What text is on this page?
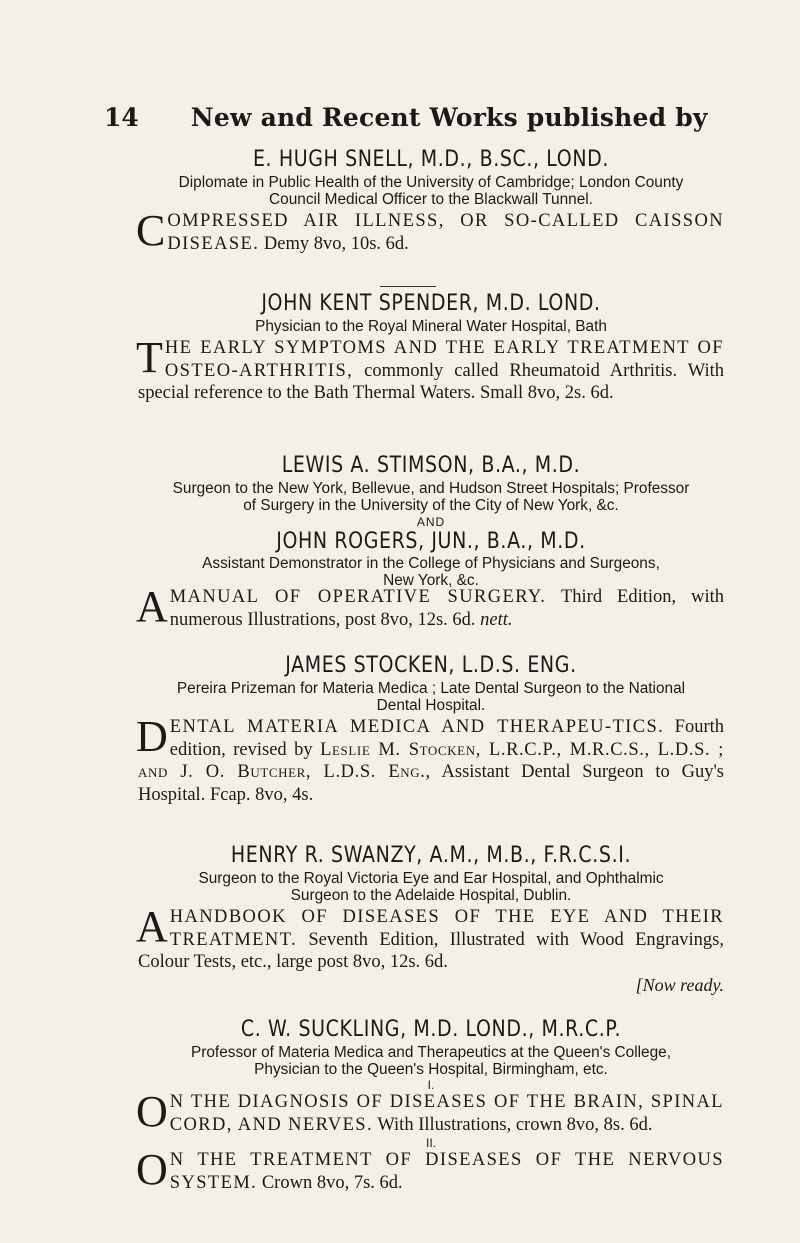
14 New and Recent Works published by

E. HUGH SNELL, M.D., B.SC., LOND.

Diplomate in Public Health of the University of Cambridge; London County
Council Medical Officer to the Blackwall Tunnel.

C OMPRESSED AIR ILLNESS, OR SO-CALLED CAISSON DISEASE. Demy 8vo, 10s. 6d.

JOHN KENT SPENDER, M.D. LOND.

Physician to the Royal Mineral Water Hospital, Bath

T HE EARLY SYMPTOMS AND THE EARLY TREATMENT OF OSTEO-ARTHRITIS, commonly called Rheumatoid Arthritis. With special reference to the Bath Thermal Waters. Small 8vo, 2s. 6d.

LEWIS A. STIMSON, B.A., M.D.

Surgeon to the New York, Bellevue, and Hudson Street Hospitals; Professor
of Surgery in the University of the City of New York, &c.

AND

JOHN ROGERS, JUN., B.A., M.D.

Assistant Demonstrator in the College of Physicians and Surgeons,
New York, &c.

A MANUAL OF OPERATIVE SURGERY. Third Edition, with numerous Illustrations, post 8vo, 12s. 6d. nett.

JAMES STOCKEN, L.D.S. ENG.

Pereira Prizeman for Materia Medica ; Late Dental Surgeon to the National
Dental Hospital.

D ENTAL MATERIA MEDICA AND THERAPEU-TICS. Fourth edition, revised by Leslie M. Stocken, L.R.C.P., M.R.C.S., L.D.S. ; and J. O. Butcher, L.D.S. Eng., Assistant Dental Surgeon to Guy's Hospital. Fcap. 8vo, 4s.

HENRY R. SWANZY, A.M., M.B., F.R.C.S.I.

Surgeon to the Royal Victoria Eye and Ear Hospital, and Ophthalmic
Surgeon to the Adelaide Hospital, Dublin.

A HANDBOOK OF DISEASES OF THE EYE AND THEIR TREATMENT. Seventh Edition, Illustrated with Wood Engravings, Colour Tests, etc., large post 8vo, 12s. 6d.

[Now ready.

C. W. SUCKLING, M.D. LOND., M.R.C.P.

Professor of Materia Medica and Therapeutics at the Queen's College,
Physician to the Queen's Hospital, Birmingham, etc.

I.

O N THE DIAGNOSIS OF DISEASES OF THE BRAIN, SPINAL CORD, AND NERVES. With Illustrations, crown 8vo, 8s. 6d.

II.

O N THE TREATMENT OF DISEASES OF THE NERVOUS SYSTEM. Crown 8vo, 7s. 6d.
